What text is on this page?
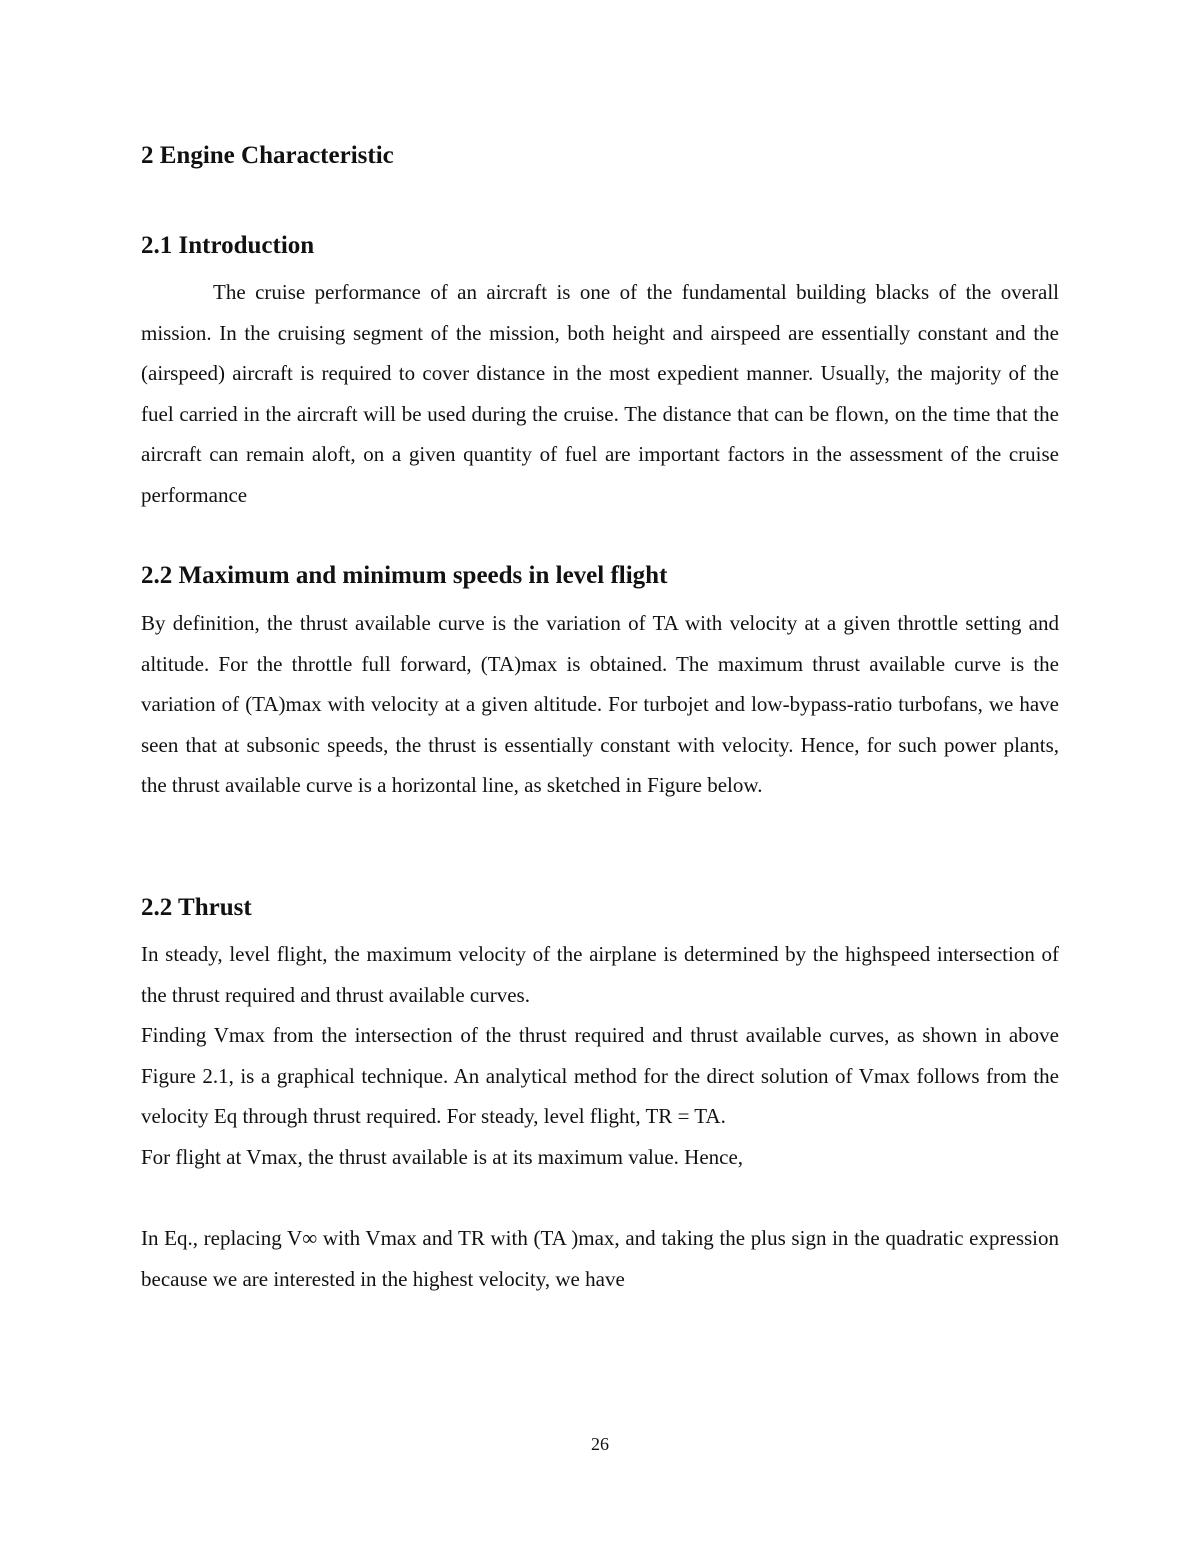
2 Engine Characteristic
2.1 Introduction

The cruise performance of an aircraft is one of the fundamental building blacks of the overall mission. In the cruising segment of the mission, both height and airspeed are essentially constant and the (airspeed) aircraft is required to cover distance in the most expedient manner. Usually, the majority of the fuel carried in the aircraft will be used during the cruise. The distance that can be flown, on the time that the aircraft can remain aloft, on a given quantity of fuel are important factors in the assessment of the cruise performance

2.2 Maximum and minimum speeds in level flight

By definition, the thrust available curve is the variation of TA with velocity at a given throttle setting and altitude. For the throttle full forward, (TA)max is obtained. The maximum thrust available curve is the variation of (TA)max with velocity at a given altitude. For turbojet and low-bypass-ratio turbofans, we have seen that at subsonic speeds, the thrust is essentially constant with velocity. Hence, for such power plants, the thrust available curve is a horizontal line, as sketched in Figure below.

2.2 Thrust

In steady, level flight, the maximum velocity of the airplane is determined by the highspeed intersection of the thrust required and thrust available curves.

Finding Vmax from the intersection of the thrust required and thrust available curves, as shown in above Figure 2.1, is a graphical technique. An analytical method for the direct solution of Vmax follows from the velocity Eq through thrust required. For steady, level flight, TR = TA.

For flight at Vmax, the thrust available is at its maximum value. Hence,

In Eq., replacing V∞ with Vmax and TR with (TA )max, and taking the plus sign in the quadratic expression because we are interested in the highest velocity, we have

26
